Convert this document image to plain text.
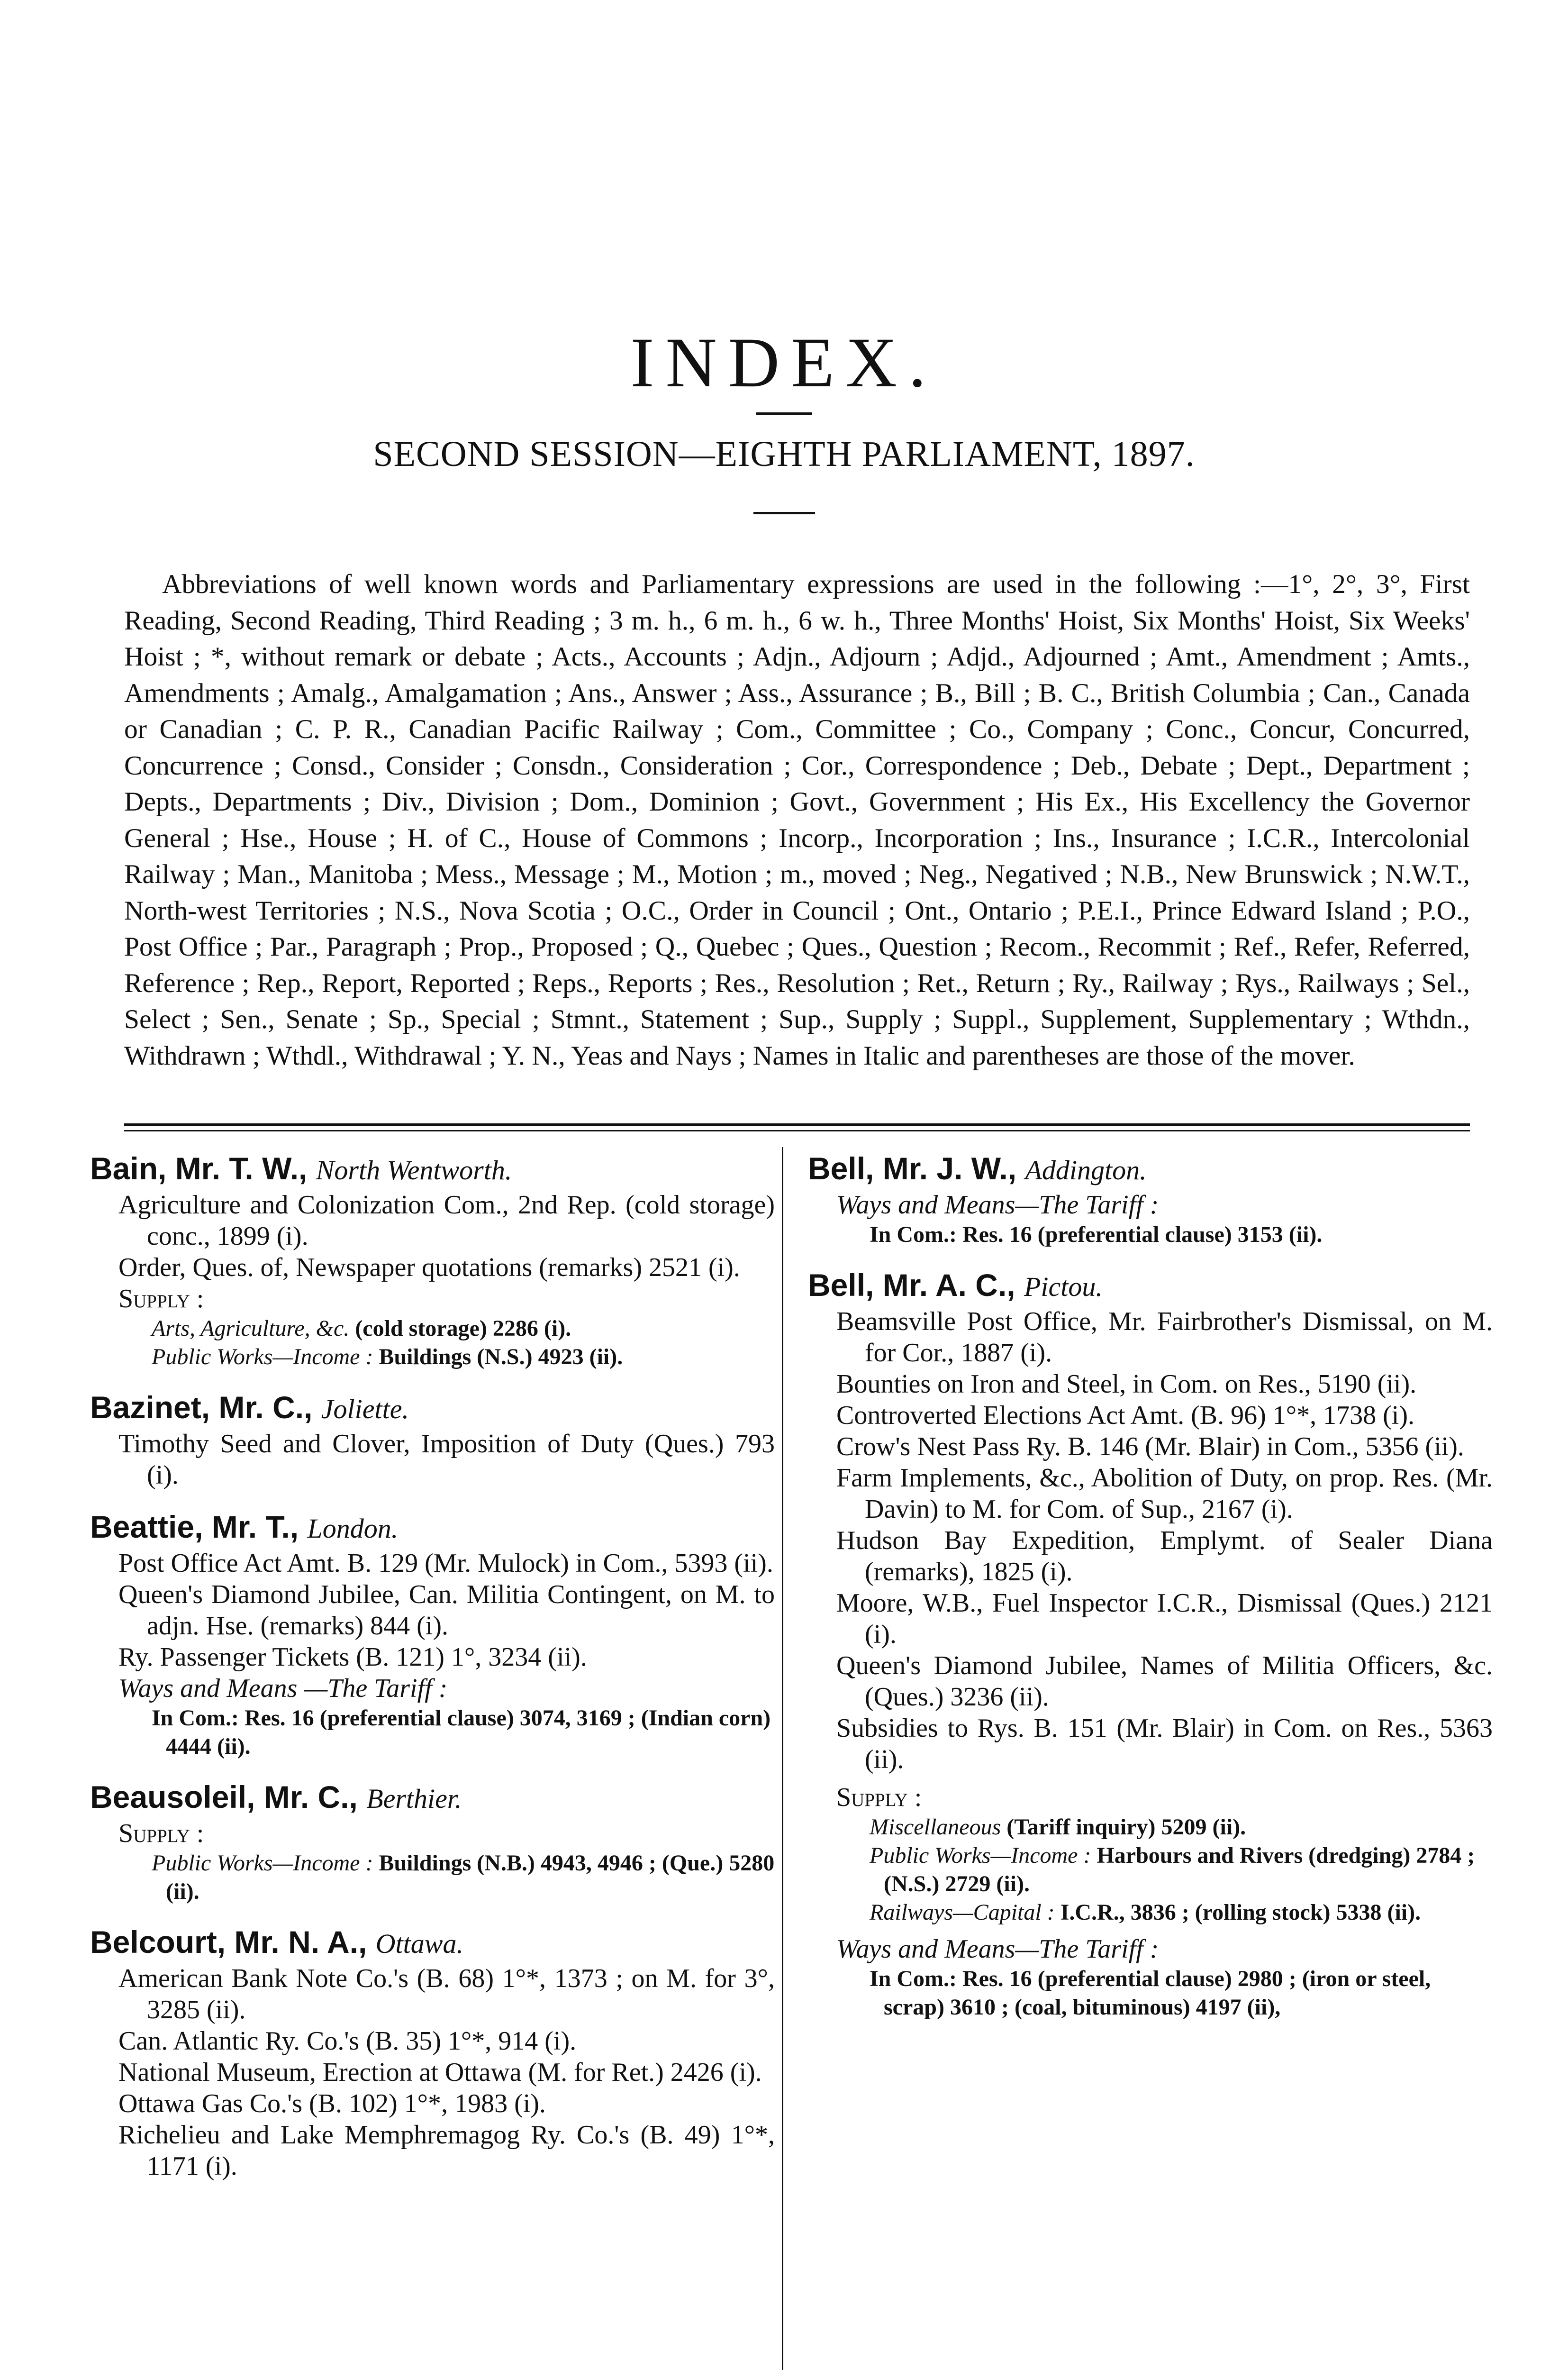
INDEX.
SECOND SESSION—EIGHTH PARLIAMENT, 1897.
Abbreviations of well known words and Parliamentary expressions are used in the following :—1°, 2°, 3°, First Reading, Second Reading, Third Reading ; 3 m. h., 6 m. h., 6 w. h., Three Months' Hoist, Six Months' Hoist, Six Weeks' Hoist ; *, without remark or debate ; Acts., Accounts ; Adjn., Adjourn ; Adjd., Adjourned ; Amt., Amendment ; Amts., Amendments ; Amalg., Amalgamation ; Ans., Answer ; Ass., Assurance ; B., Bill ; B. C., British Columbia ; Can., Canada or Canadian ; C. P. R., Canadian Pacific Railway ; Com., Committee ; Co., Company ; Conc., Concur, Concurred, Concurrence ; Consd., Consider ; Consdn., Consideration ; Cor., Correspondence ; Deb., Debate ; Dept., Department ; Depts., Departments ; Div., Division ; Dom., Dominion ; Govt., Government ; His Ex., His Excellency the Governor General ; Hse., House ; H. of C., House of Commons ; Incorp., Incorporation ; Ins., Insurance ; I.C.R., Intercolonial Railway ; Man., Manitoba ; Mess., Message ; M., Motion ; m., moved ; Neg., Negatived ; N.B., New Brunswick ; N.W.T., North-west Territories ; N.S., Nova Scotia ; O.C., Order in Council ; Ont., Ontario ; P.E.I., Prince Edward Island ; P.O., Post Office ; Par., Paragraph ; Prop., Proposed ; Q., Quebec ; Ques., Question ; Recom., Recommit ; Ref., Refer, Referred, Reference ; Rep., Report, Reported ; Reps., Reports ; Res., Resolution ; Ret., Return ; Ry., Railway ; Rys., Railways ; Sel., Select ; Sen., Senate ; Sp., Special ; Stmnt., Statement ; Sup., Supply ; Suppl., Supplement, Supplementary ; Wthdn., Withdrawn ; Wthdl., Withdrawal ; Y. N., Yeas and Nays ; Names in Italic and parentheses are those of the mover.
Bain, Mr. T. W., North Wentworth.
Agriculture and Colonization Com., 2nd Rep. (cold storage) conc., 1899 (i).
Order, Ques. of, Newspaper quotations (remarks) 2521 (i).
Supply :
Arts, Agriculture, &c. (cold storage) 2286 (i).
Public Works—Income : Buildings (N.S.) 4923 (ii).
Bazinet, Mr. C., Joliette.
Timothy Seed and Clover, Imposition of Duty (Ques.) 793 (i).
Beattie, Mr. T., London.
Post Office Act Amt. B. 129 (Mr. Mulock) in Com., 5393 (ii).
Queen's Diamond Jubilee, Can. Militia Contingent, on M. to adjn. Hse. (remarks) 844 (i).
Ry. Passenger Tickets (B. 121) 1°, 3234 (ii).
Ways and Means —The Tariff :
In Com.: Res. 16 (preferential clause) 3074, 3169 ; (Indian corn) 4444 (ii).
Beausoleil, Mr. C., Berthier.
Supply :
Public Works—Income : Buildings (N.B.) 4943, 4946 ; (Que.) 5280 (ii).
Belcourt, Mr. N. A., Ottawa.
American Bank Note Co.'s (B. 68) 1°*, 1373 ; on M. for 3°, 3285 (ii).
Can. Atlantic Ry. Co.'s (B. 35) 1°*, 914 (i).
National Museum, Erection at Ottawa (M. for Ret.) 2426 (i).
Ottawa Gas Co.'s (B. 102) 1°*, 1983 (i).
Richelieu and Lake Memphremagog Ry. Co.'s (B. 49) 1°*, 1171 (i).
Bell, Mr. J. W., Addington.
Ways and Means—The Tariff :
In Com.: Res. 16 (preferential clause) 3153 (ii).
Bell, Mr. A. C., Pictou.
Beamsville Post Office, Mr. Fairbrother's Dismissal, on M. for Cor., 1887 (i).
Bounties on Iron and Steel, in Com. on Res., 5190 (ii).
Controverted Elections Act Amt. (B. 96) 1°*, 1738 (i).
Crow's Nest Pass Ry. B. 146 (Mr. Blair) in Com., 5356 (ii).
Farm Implements, &c., Abolition of Duty, on prop. Res. (Mr. Davin) to M. for Com. of Sup., 2167 (i).
Hudson Bay Expedition, Emplymt. of Sealer Diana (remarks), 1825 (i).
Moore, W.B., Fuel Inspector I.C.R., Dismissal (Ques.) 2121 (i).
Queen's Diamond Jubilee, Names of Militia Officers, &c. (Ques.) 3236 (ii).
Subsidies to Rys. B. 151 (Mr. Blair) in Com. on Res., 5363 (ii).
Supply :
Miscellaneous (Tariff inquiry) 5209 (ii).
Public Works—Income : Harbours and Rivers (dredging) 2784 ; (N.S.) 2729 (ii).
Railways—Capital : I.C.R., 3836 ; (rolling stock) 5338 (ii).
Ways and Means—The Tariff :
In Com.: Res. 16 (preferential clause) 2980 ; (iron or steel, scrap) 3610 ; (coal, bituminous) 4197 (ii),
